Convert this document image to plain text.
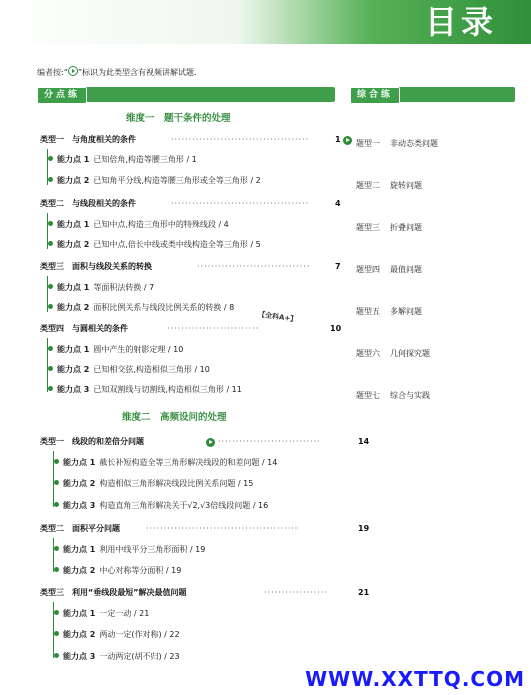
目录
编者按:“ ”标识为此类型含有视频讲解试题.
分点练	综合练
维度一　题干条件的处理
类型一　 与角度相关的条件	·······································	1
能力点 1 已知倍角,构造等腰三角形 / 1
能力点 2 已知角平分线,构造等腰三角形或全等三角形 / 2
类型二　 与线段相关的条件	·······································	4
能力点 1 已知中点,构造三角形中的特殊线段 / 4
能力点 2 已知中点,倍长中线或类中线构造全等三角形 / 5
类型三　 面积与线段关系的转换	································	7
能力点 1 等面积法转换 / 7
能力点 2 面积比例关系与线段比例关系的转换 / 8
【全科A+】
类型四　 与圆相关的条件	··························	10
能力点 1 圆中产生的射影定理 / 10
能力点 2 已知相交弦,构造相似三角形 / 10
能力点 3 已知双割线与切割线,构造相似三角形 / 11
维度二　高频设问的处理
类型一　 线段的和差倍分问题	·····························	14
能力点 1 截长补短构造全等三角形解决线段的和差问题 / 14
能力点 2 构造相似三角形解决线段比例关系问题 / 15
能力点 3 构造直角三角形解决关于√2,√3倍线段问题 / 16
类型二　 面积平分问题	···········································	19
能力点 1 利用中线平分三角形面积 / 19
能力点 2 中心对称等分面积 / 19
类型三　 利用“垂线段最短”解决最值问题	··················	21
能力点 1 一定一动 / 21
能力点 2 两动一定(作对称) / 22
能力点 3 一动两定(胡不归) / 23
题型一 非动态类问题
题型二 旋转问题
题型三 折叠问题
题型四 最值问题
题型五 多解问题
题型六 几何探究题
题型七 综合与实践
WWW.XXTTQ.COM
